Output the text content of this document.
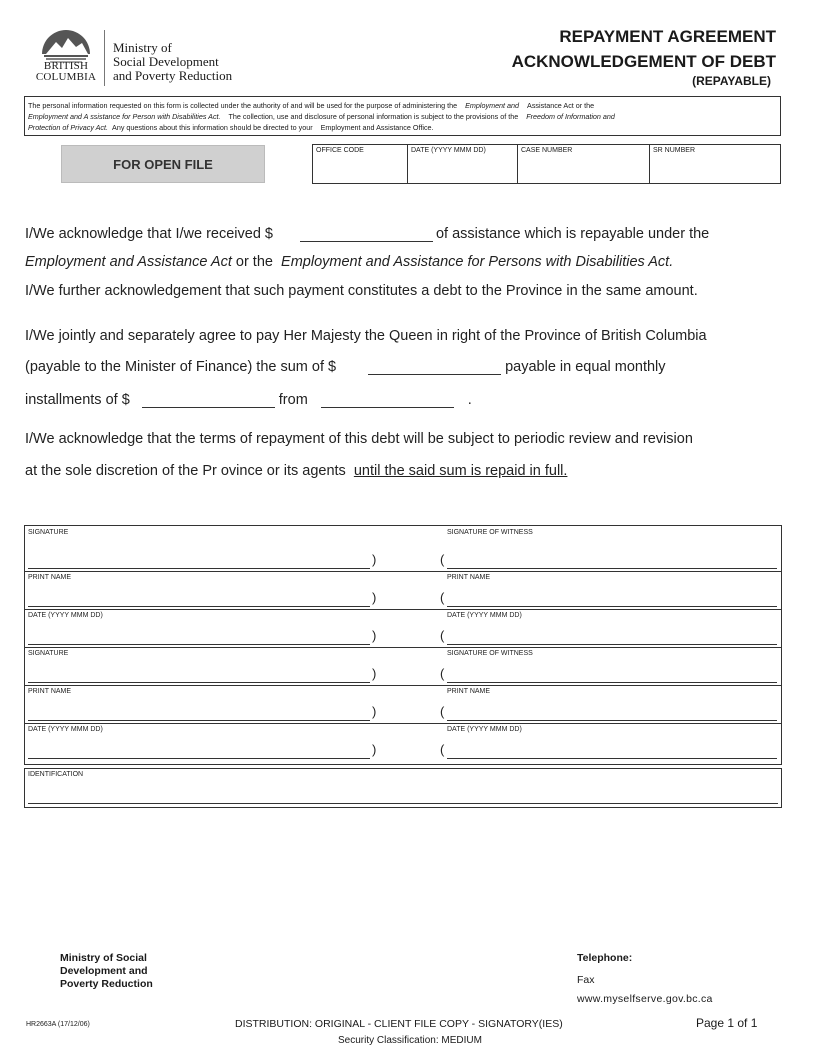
BRITISH
COLUMBIA
Ministry of
Social Development
and Poverty Reduction
REPAYMENT AGREEMENT
ACKNOWLEDGEMENT OF DEBT
(REPAYABLE)
The personal information requested on this form is collected under the authority of and will be used for the purpose of administering the Employment and Assistance Act or the
Employment and A ssistance for Person with Disabilities Act. The collection, use and disclosure of personal information is subject to the provisions of the Freedom of Information and
Protection of Privacy Act. Any questions about this information should be directed to your Employment and Assistance Office.
FOR OPEN FILE
OFFICE CODE	DATE (YYYY MMM DD)	CASE NUMBER	SR NUMBER
I/We acknowledge that I/we received $	of assistance which is repayable under the
Employment and Assistance Act or the Employment and Assistance for Persons with Disabilities Act.
I/We further acknowledgement that such payment constitutes a debt to the Province in the same amount.
I/We jointly and separately agree to pay Her Majesty the Queen in right of the Province of British Columbia
(payable to the Minister of Finance) the sum of $	payable in equal monthly
installments of $	from	.
I/We acknowledge that the terms of repayment of this debt will be subject to periodic review and revision
at the sole discretion of the Pr ovince or its agents until the said sum is repaid in full.
SIGNATURE
)	(
SIGNATURE OF WITNESS
PRINT NAME
)	(
PRINT NAME
DATE (YYYY MMM DD)
)	(
DATE (YYYY MMM DD)
SIGNATURE
)	(
SIGNATURE OF WITNESS
PRINT NAME
)	(
PRINT NAME
DATE (YYYY MMM DD)
)	(
DATE (YYYY MMM DD)
IDENTIFICATION
Ministry of Social
Development and
Poverty Reduction
Telephone:
Fax
www.myselfserve.gov.bc.ca
HR2663A (17/12/06)	DISTRIBUTION: ORIGINAL - CLIENT FILE COPY - SIGNATORY(IES)
Security Classification: MEDIUM
Page 1 of 1
